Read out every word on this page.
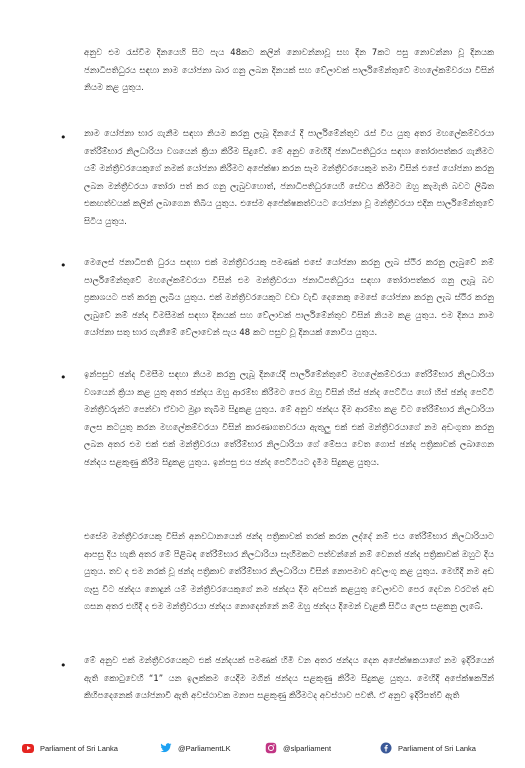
අනුව එම රැස්වීම දිනයෙහි සිට පැය 48කට කලින් නොවන්නාවූ සහ දින 7කට පසු නොවන්නා වූ දිනයක ජනාධිපතිධුරය සඳහා නාම යෝජනා බාර ගනු ලබන දිනයක් සහ වේලාවක් පාර්ලිමේන්තුවේ මහලේකම්වරයා විසින් නියම කළ යුතුය.

• නාම යෝජනා භාර ගැනීම සඳහා නියම කරනු ලැබූ දිනයේ දී පාර්ලිමේන්තුව රැස් විය යුතු අතර මහලේකම්වරයා තේරීම්භාර නිලධාරියා වශයෙන් ක්‍රියා කිරීම සිදුවේ. මේ අනුව මෙහිදී ජනාධිපතිධුරය සඳහා තෝරාපත්කර ගැනීමට යම් මන්ත්‍රීවරයෙකුගේ නමක් යෝජනා කිරීමට අපේක්ෂා කරන සෑම මන්ත්‍රීවරයෙකුම තමා විසින් එසේ යෝජනා කරනු ලබන මන්ත්‍රීවරයා තෝරා පත් කර ගනු ලැබුවහොත්, ජනාධිපතිධුරයෙහි සේවය කිරීමට ඔහු කැමැති බවට ලිඛිත එකඟත්වයක් කලින් ලබාගෙන තිබිය යුතුය. එසේම අපේක්ෂකත්වයට යෝජනා වූ මන්ත්‍රීවරයා එදින පාර්ලිමේන්තුවේ සිටිය යුතුය.

• මෙලෙස් ජනාධිපති ධුරය සඳහා එක් මන්ත්‍රීවරයකු පමණක් එසේ යෝජනා කරනු ලැබ ස්ථිර කරනු ලැබුවේ නම් පාර්ලිමේන්තුවේ මහලේකම්වරයා විසින් එම මන්ත්‍රීවරයා ජනාධිපතිධුරය සඳහා තෝරාපත්කර ගනු ලැබූ බව ප්‍රකාශයට පත් කරනු ලැබිය යුතුය. එක් මන්ත්‍රීවරයෙකුට වඩා වැඩි දෙනෙකු මෙසේ යෝජනා කරනු ලැබ ස්ථිර කරනු ලැබුවේ නම් ඡන්ද විමසීමක් සඳහා දිනයක් සහ වේලාවක් පාර්ලිමේන්තුව විසින් නියම කළ යුතුය. එම දිනය නාම යෝජනා සතු භාර ගැනීමේ වේලාවෙන් පැය 48 කට පසුව වූ දිනයක් නොවිය යුතුය.

• ඉන්පසුව ඡන්ද විමසීම සඳහා නියම කරනු ලැබූ දිනයේදී පාර්ලිමේන්තුවේ මහලේකම්වරයා තේරීම්භාර නිලධාරියා වශයෙන් ක්‍රියා කළ යුතු අතර ඡන්දය ඔහු ආරම්භ කිරීමට පෙර ඔහු විසින් හිස් ඡන්ද පෙට්ටිය හෝ හිස් ඡන්ද පෙට්ටි මන්ත්‍රීවරුන්ට පෙන්වා ඒවාට මුද්‍රා තැබීම සිදුකළ යුතුය. මේ අනුව ඡන්දය දීම ආරම්භ කළ විට තේරීම්භාර නිලධාරියා ලෙස කටයුතු කරන මහලේකම්වරයා විසින් කාරණාගතවරයා ඇතුලු එක් එක් මන්ත්‍රීවරයාගේ නම අඩංගුතා කරනු ලබන අතර එම එක් එක් මන්ත්‍රීවරයා තේරීම්භාර නිලධාරියා ගේ මේසය වෙත ගොස් ඡන්ද පත්‍රිකාවක් ලබාගෙන ඡන්දය සළකුණු කිරීම සිදුකළ යුතුය. ඉන්පසු එය ඡන්ද පෙට්ටියට දැමීම සිදුකළ යුතුය.

එසේම මන්ත්‍රීවරයෙකු විසින් අනවධානයෙන් ඡන්ද පත්‍රිකාවක් තරක් කරන ලද්දේ නම් එය තේරීම්භාර නිලධාරියාට ආපසු දිය හැකි අතර මේ පිළිබඳ තේරීම්භාර නිලධාරියා සෑහීමකට පත්වන්නේ නම් වෙනත් ඡන්ද පත්‍රිකාවක් ඔහුට දිය යුතුය. තව ද එම නරක් වූ ඡන්ද පත්‍රිකාව තේරීම්භාර නිලධාරියා විසින් නොපමාව අවලංගු කළ යුතුය. මෙහිදී නම අඩ ගෑසු විට ඡන්දය නොදුන් යම් මන්ත්‍රීවරයෙකුගේ නම ඡන්දය දීම අවසන් කළයුතු වෙලාවට පෙර දෙවන වරටත් අඩ ගසන අතර එහිදී ද එම මන්ත්‍රීවරයා ඡන්දය නොදෙන්නේ නම් ඔහු ඡන්දය දීමෙන් වැළකී සිටිය ලෙස සළකනු ලැබේ.

• මේ අනුව එක් මන්ත්‍රීවරයෙකුට එක් ඡන්දයක් පමණක් හිමි වන අතර ඡන්දය දෙන අපේක්ෂකයාගේ නම ඉදිරියෙන් ඇති කොටුවෙහි “1” යන ඉලක්කම යෙදීම මගින් ඡන්දය සළකුණු කිරීම සිදුකළ යුතුය. මෙහිදී අපේක්ෂකයින් කිහිපදෙනෙක් යෝජනාවී ඇති අවස්ථාවක මනාප සළකුණු කිරීමටද අවස්ථාව පවතී. ඒ අනුව ඉදිරිපත්වී ඇති

Parliament of Sri Lanka	@ParliamentLK	@slparliament	Parliament of Sri Lanka
